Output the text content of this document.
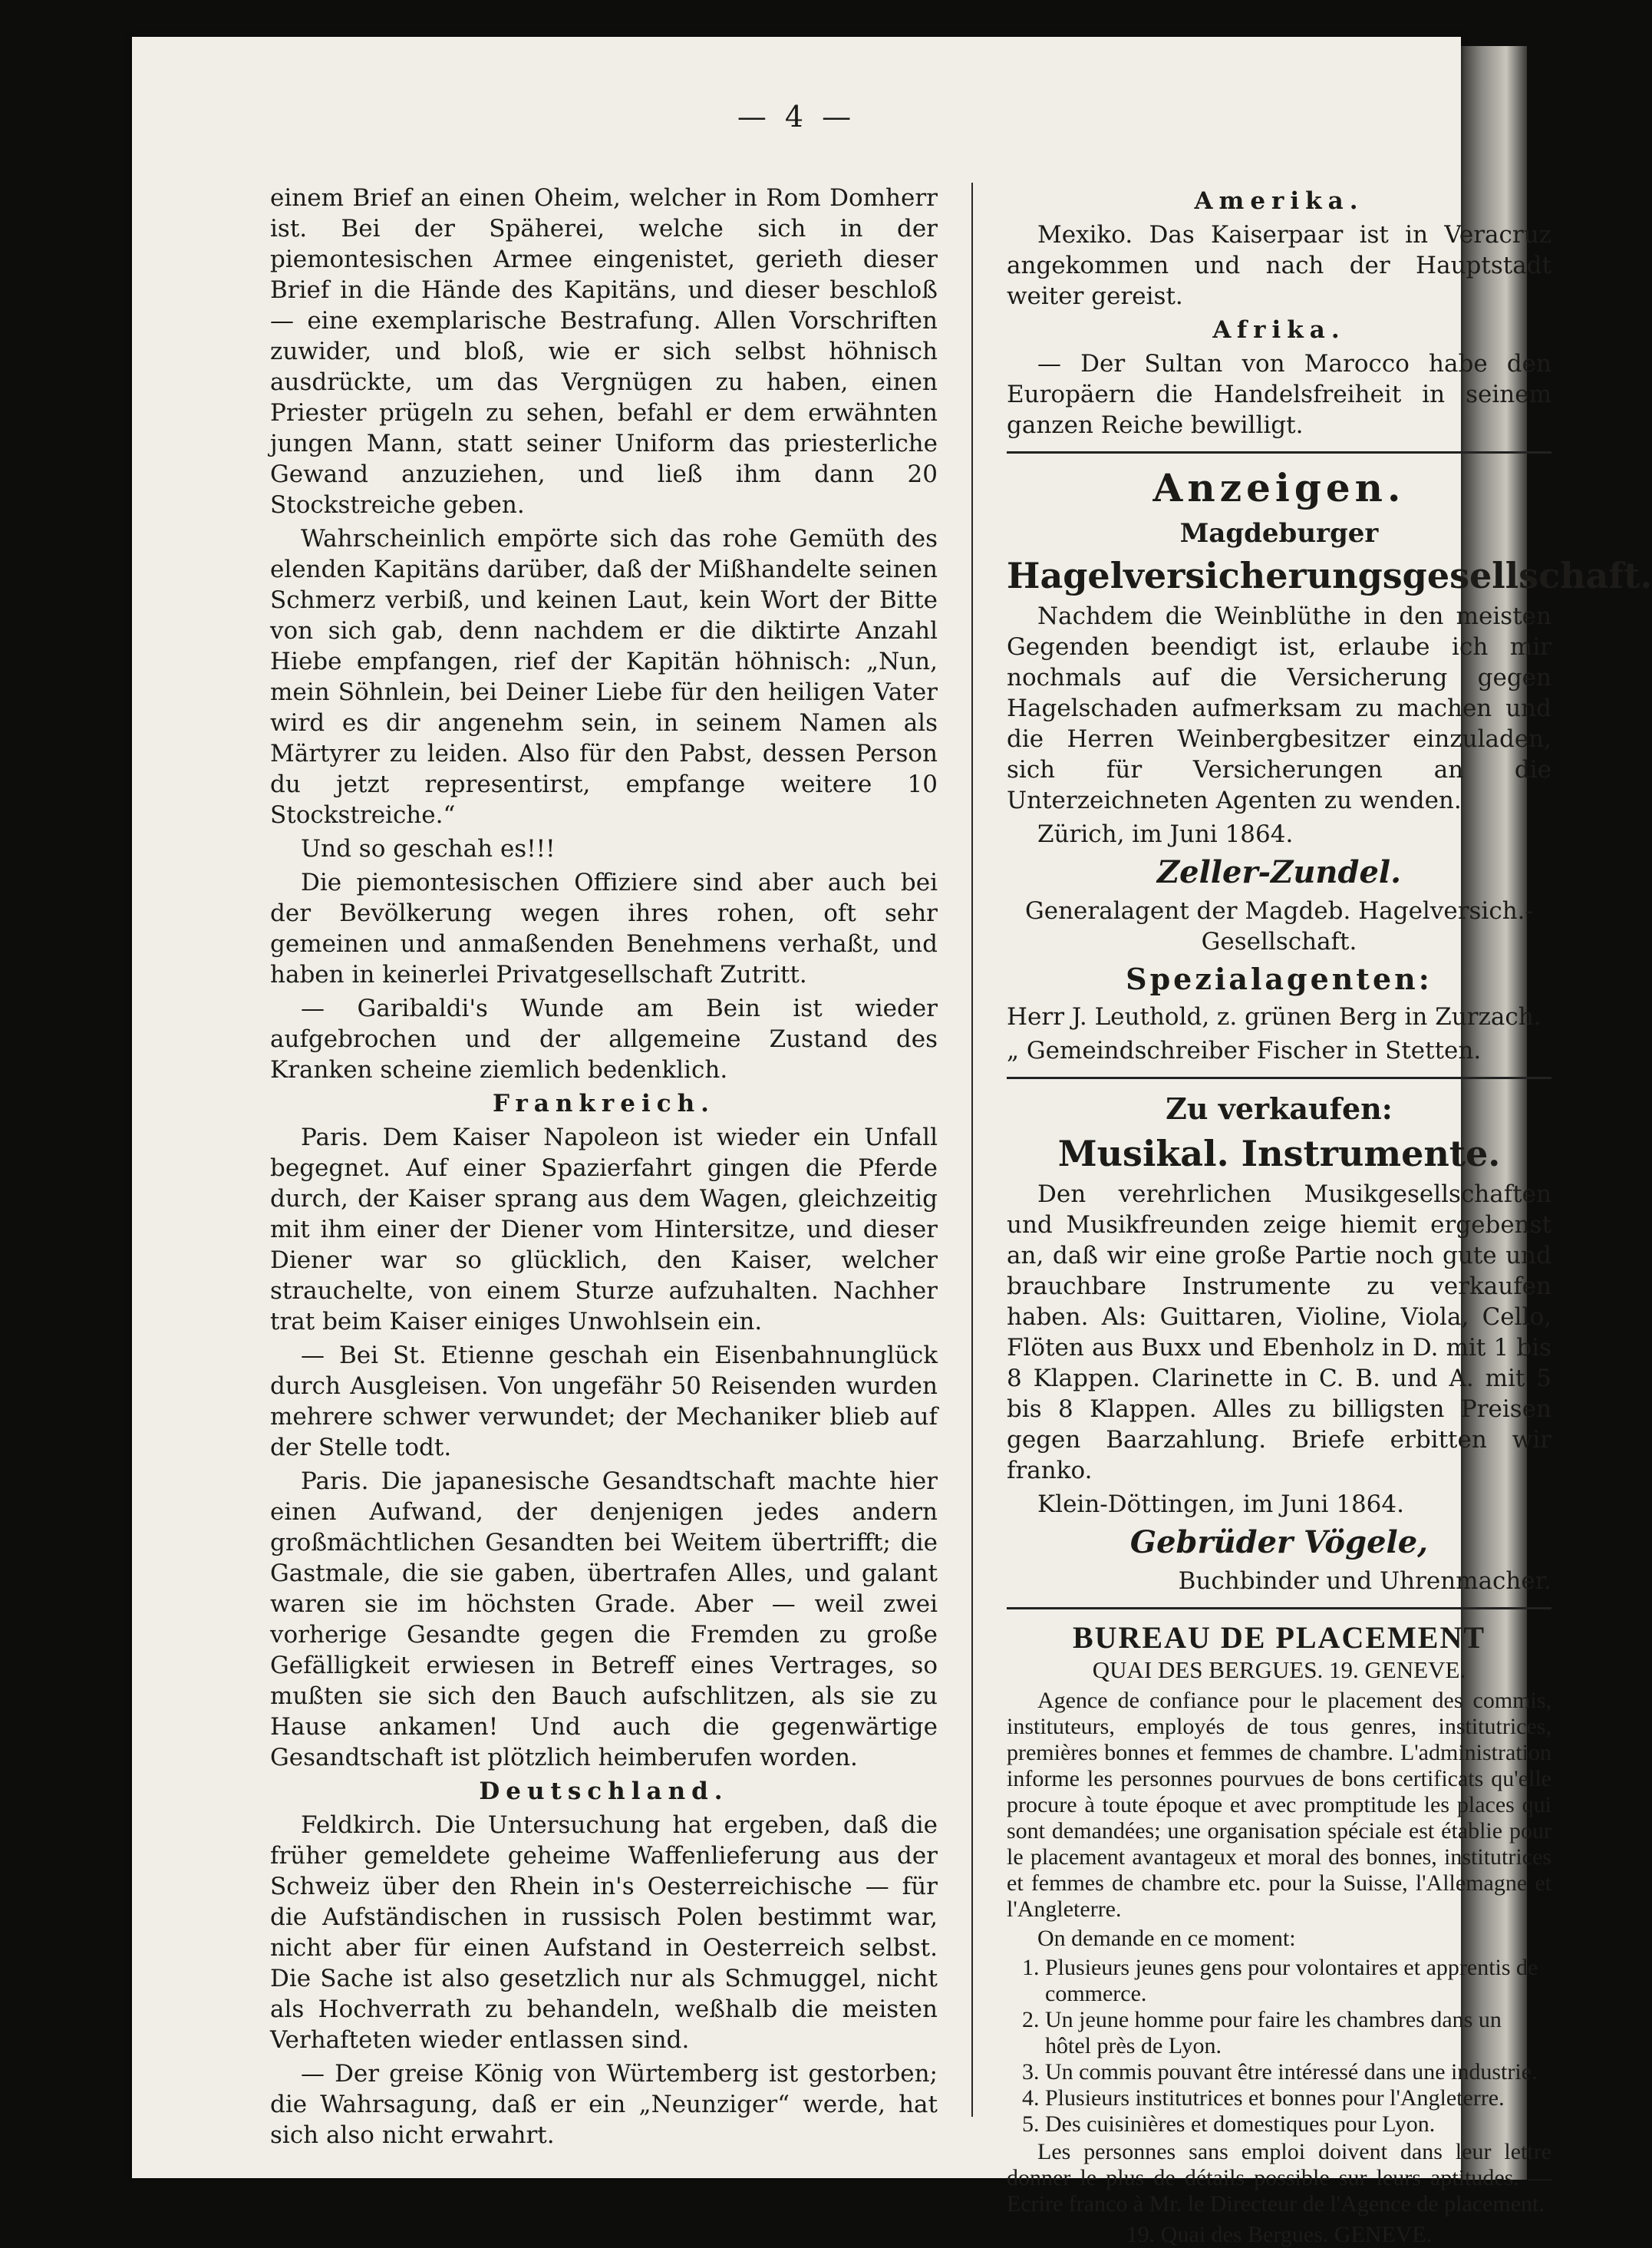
— 4 —

einem Brief an einen Oheim, welcher in Rom Domherr ist. Bei der Späherei, welche sich in der piemontesischen Armee eingenistet, gerieth dieser Brief in die Hände des Kapitäns, und dieser beschloß — eine exemplarische Bestrafung. Allen Vorschriften zuwider, und bloß, wie er sich selbst höhnisch ausdrückte, um das Vergnügen zu haben, einen Priester prügeln zu sehen, befahl er dem erwähnten jungen Mann, statt seiner Uniform das priesterliche Gewand anzuziehen, und ließ ihm dann 20 Stockstreiche geben.

Wahrscheinlich empörte sich das rohe Gemüth des elenden Kapitäns darüber, daß der Mißhandelte seinen Schmerz verbiß, und keinen Laut, kein Wort der Bitte von sich gab, denn nachdem er die diktirte Anzahl Hiebe empfangen, rief der Kapitän höhnisch: „Nun, mein Söhnlein, bei Deiner Liebe für den heiligen Vater wird es dir angenehm sein, in seinem Namen als Märtyrer zu leiden. Also für den Pabst, dessen Person du jetzt representirst, empfange weitere 10 Stockstreiche.“

Und so geschah es!!!

Die piemontesischen Offiziere sind aber auch bei der Bevölkerung wegen ihres rohen, oft sehr gemeinen und anmaßenden Benehmens verhaßt, und haben in keinerlei Privatgesellschaft Zutritt.

— Garibaldi's Wunde am Bein ist wieder aufgebrochen und der allgemeine Zustand des Kranken scheine ziemlich bedenklich.

Frankreich.

Paris. Dem Kaiser Napoleon ist wieder ein Unfall begegnet. Auf einer Spazierfahrt gingen die Pferde durch, der Kaiser sprang aus dem Wagen, gleichzeitig mit ihm einer der Diener vom Hintersitze, und dieser Diener war so glücklich, den Kaiser, welcher strauchelte, von einem Sturze aufzuhalten. Nachher trat beim Kaiser einiges Unwohlsein ein.

— Bei St. Etienne geschah ein Eisenbahnunglück durch Ausgleisen. Von ungefähr 50 Reisenden wurden mehrere schwer verwundet; der Mechaniker blieb auf der Stelle todt.

Paris. Die japanesische Gesandtschaft machte hier einen Aufwand, der denjenigen jedes andern großmächtlichen Gesandten bei Weitem übertrifft; die Gastmale, die sie gaben, übertrafen Alles, und galant waren sie im höchsten Grade. Aber — weil zwei vorherige Gesandte gegen die Fremden zu große Gefälligkeit erwiesen in Betreff eines Vertrages, so mußten sie sich den Bauch aufschlitzen, als sie zu Hause ankamen! Und auch die gegenwärtige Gesandtschaft ist plötzlich heimberufen worden.

Deutschland.

Feldkirch. Die Untersuchung hat ergeben, daß die früher gemeldete geheime Waffenlieferung aus der Schweiz über den Rhein in's Oesterreichische — für die Aufständischen in russisch Polen bestimmt war, nicht aber für einen Aufstand in Oesterreich selbst. Die Sache ist also gesetzlich nur als Schmuggel, nicht als Hochverrath zu behandeln, weßhalb die meisten Verhafteten wieder entlassen sind.

— Der greise König von Würtemberg ist gestorben; die Wahrsagung, daß er ein „Neunziger“ werde, hat sich also nicht erwahrt.

Amerika.

Mexiko. Das Kaiserpaar ist in Veracruz angekommen und nach der Hauptstadt weiter gereist.

Afrika.

— Der Sultan von Marocco habe den Europäern die Handelsfreiheit in seinem ganzen Reiche bewilligt.

Anzeigen.
Magdeburger
Hagelversicherungsgesellschaft.

Nachdem die Weinblüthe in den meisten Gegenden beendigt ist, erlaube ich mir nochmals auf die Versicherung gegen Hagelschaden aufmerksam zu machen und die Herren Weinbergbesitzer einzuladen, sich für Versicherungen an die Unterzeichneten Agenten zu wenden.

Zürich, im Juni 1864.

Zeller-Zundel.

Generalagent der Magdeb. Hagelversich.-Gesellschaft.

Spezialagenten:

Herr J. Leuthold, z. grünen Berg in Zurzach.

„ Gemeindschreiber Fischer in Stetten.

Zu verkaufen:
Musikal. Instrumente.

Den verehrlichen Musikgesellschaften und Musikfreunden zeige hiemit ergebenst an, daß wir eine große Partie noch gute und brauchbare Instrumente zu verkaufen haben. Als: Guittaren, Violine, Viola, Cello, Flöten aus Buxx und Ebenholz in D. mit 1 bis 8 Klappen. Clarinette in C. B. und A. mit 5 bis 8 Klappen. Alles zu billigsten Preisen gegen Baarzahlung. Briefe erbitten wir franko.

Klein-Döttingen, im Juni 1864.

Gebrüder Vögele,

Buchbinder und Uhrenmacher.

BUREAU DE PLACEMENT
QUAI DES BERGUES. 19. GENEVE.

Agence de confiance pour le placement des commis, instituteurs, employés de tous genres, institutrices, premières bonnes et femmes de chambre. L'administration informe les personnes pourvues de bons certificats qu'elle procure à toute époque et avec promptitude les places qui sont demandées; une organisation spéciale est établie pour le placement avantageux et moral des bonnes, institutrices et femmes de chambre etc. pour la Suisse, l'Allemagne et l'Angleterre.

On demande en ce moment:

1. Plusieurs jeunes gens pour volontaires et apprentis de commerce.
2. Un jeune homme pour faire les chambres dans un hôtel près de Lyon.
3. Un commis pouvant être intéressé dans une industrie.
4. Plusieurs institutrices et bonnes pour l'Angleterre.
5. Des cuisinières et domestiques pour Lyon.

Les personnes sans emploi doivent dans leur lettre donner le plus de détails possible sur leurs aptitudes. — Ecrire franco à Mr. le Directeur de l'Agence de placement.

19. Quai des Bergues. GENEVE.
